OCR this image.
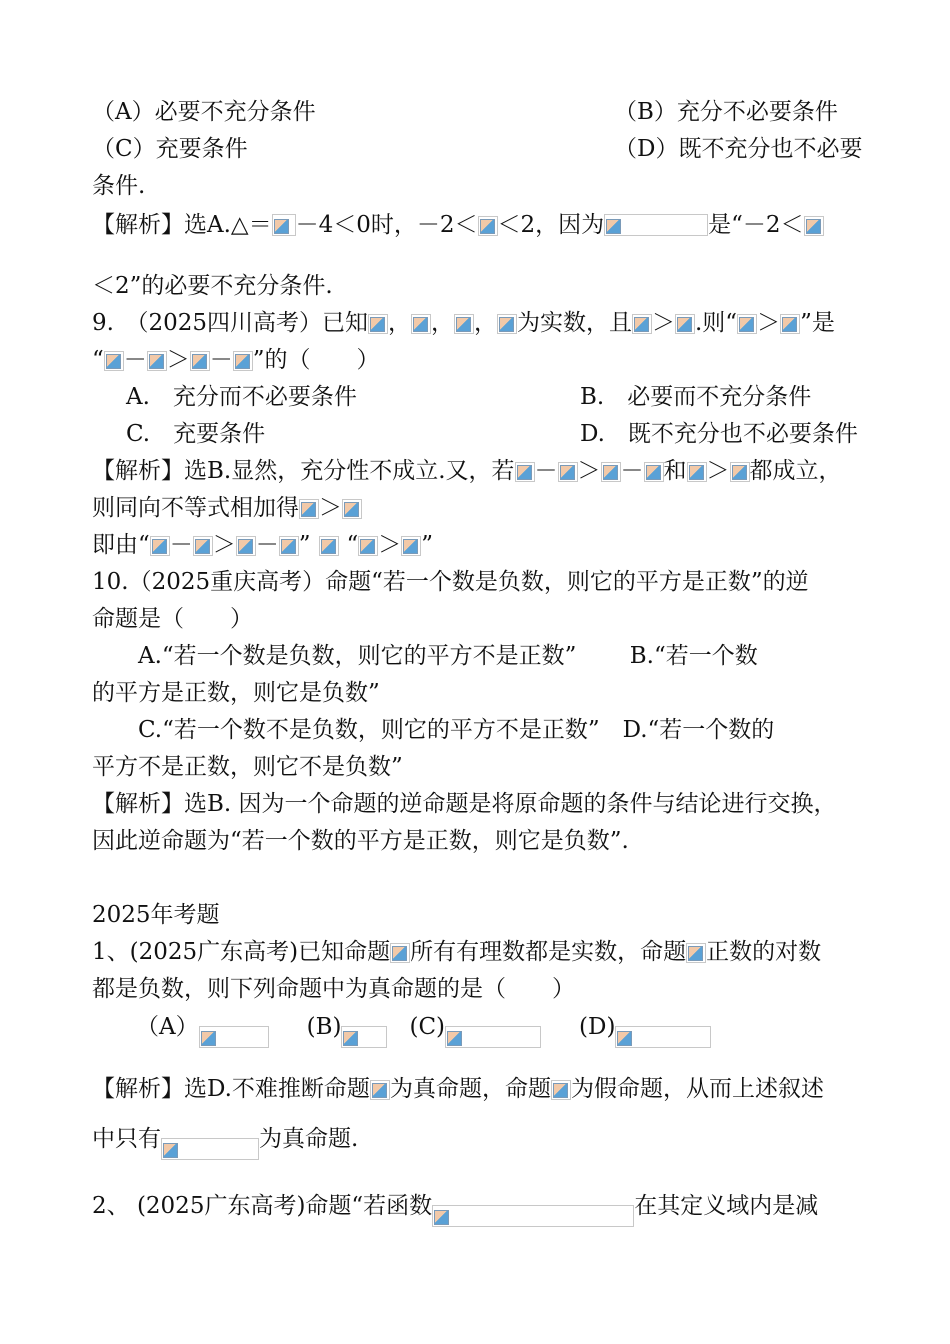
（A）必要不充分条件	（B）充分不必要条件
（C）充要条件	（D）既不充分也不必要
条件.
【解析】选A.△＝ －4＜0时，－2＜ ＜2，因为	是“－2＜
＜2”的必要不充分条件.
9.　（2025四川高考）已知 ， ， ， 为实数，且 ＞ .则“ ＞ ”是
“ － ＞ － ”的（　　）
A.　充分而不必要条件	B.　必要而不充分条件
C.　充要条件	D.　既不充分也不必要条件
【解析】选B.显然，充分性不成立.又，若 － ＞ － 和 ＞ 都成立，
则同向不等式相加得 ＞
即由“ － ＞ － ” “ ＞ ”
10.（2025重庆高考）命题“若一个数是负数，则它的平方是正数”的逆
命题是（　　）
　　A.“若一个数是负数，则它的平方不是正数”　　 B.“若一个数
的平方是正数，则它是负数”
　　C.“若一个数不是负数，则它的平方不是正数”　D.“若一个数的
平方不是正数，则它不是负数”
【解析】选B. 因为一个命题的逆命题是将原命题的条件与结论进行交换，
因此逆命题为“若一个数的平方是正数，则它是负数”.
2025年考题
1、(2025广东高考)已知命题 所有有理数都是实数，命题 正数的对数
都是负数，则下列命题中为真命题的是（　　）
（A）	(B)	(C)	(D)
【解析】选D.不难推断命题 为真命题，命题 为假命题，从而上述叙述
中只有	为真命题.
2、 (2025广东高考)命题“若函数	在其定义域内是减
